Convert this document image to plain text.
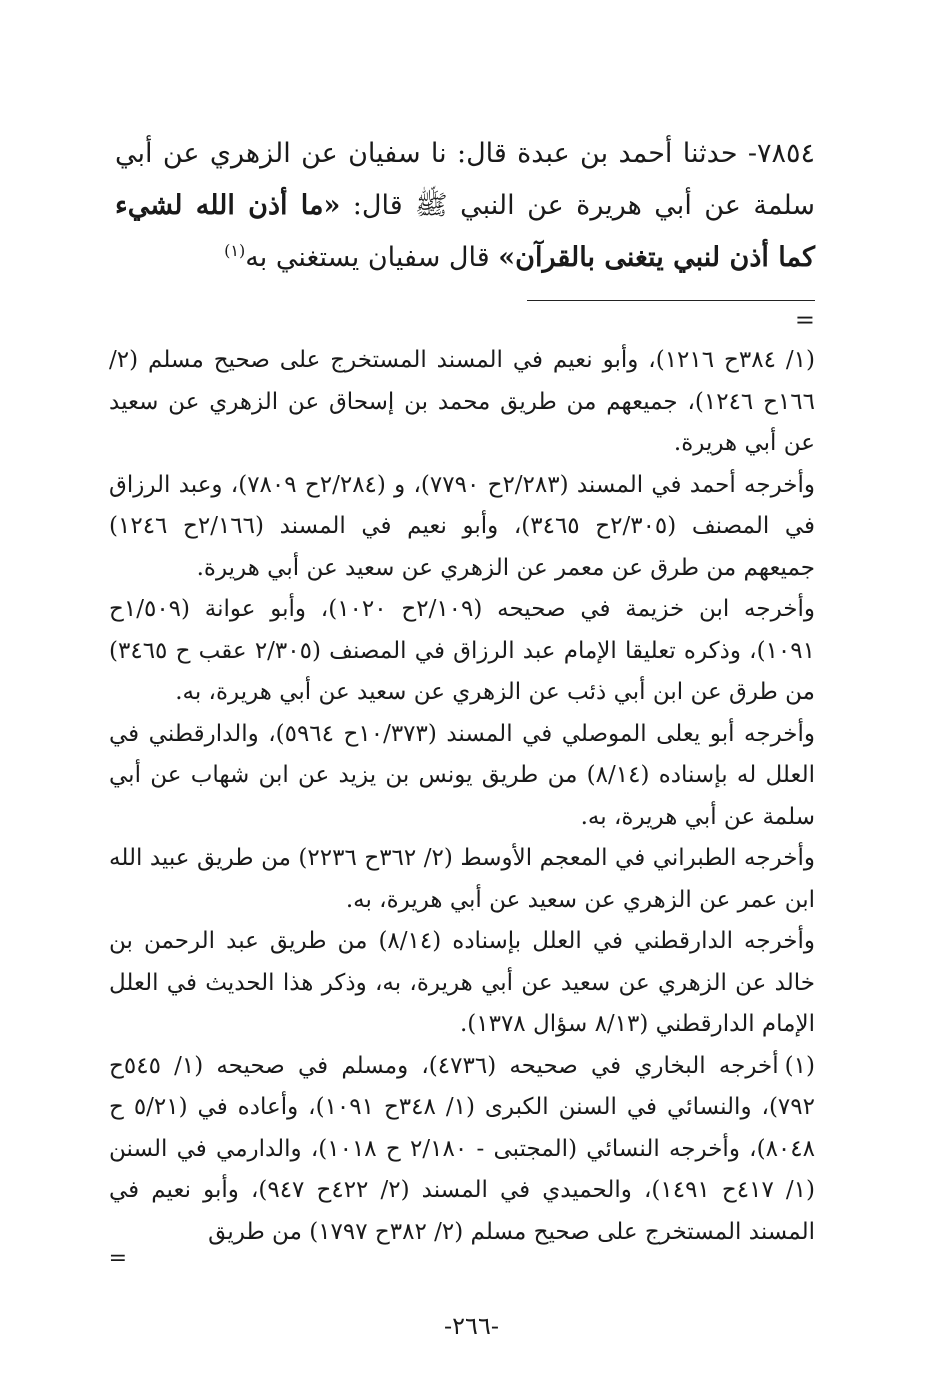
٧٨٥٤- حدثنا أحمد بن عبدة قال: نا سفيان عن الزهري عن أبي سلمة عن أبي هريرة عن النبي ﷺ قال: «ما أذن الله لشيء كما أذن لنبي يتغنى بالقرآن» قال سفيان يستغني به$^{(١)}$
=

(١/ ٣٨٤ح ١٢١٦)، وأبو نعيم في المسند المستخرج على صحيح مسلم (٢/ ١٦٦ح ١٢٤٦)، جميعهم من طريق محمد بن إسحاق عن الزهري عن سعيد عن أبي هريرة.

وأخرجه أحمد في المسند (٢/٢٨٣ح ٧٧٩٠)، و (٢/٢٨٤ح ٧٨٠٩)، وعبد الرزاق في المصنف (٢/٣٠٥ح ٣٤٦٥)، وأبو نعيم في المسند (٢/١٦٦ح ١٢٤٦) جميعهم من طرق عن معمر عن الزهري عن سعيد عن أبي هريرة.

وأخرجه ابن خزيمة في صحيحه (٢/١٠٩ح ١٠٢٠)، وأبو عوانة (١/٥٠٩ح ١٠٩١)، وذكره تعليقا الإمام عبد الرزاق في المصنف (٢/٣٠٥ عقب ح ٣٤٦٥) من طرق عن ابن أبي ذئب عن الزهري عن سعيد عن أبي هريرة، به.

وأخرجه أبو يعلى الموصلي في المسند (١٠/٣٧٣ح ٥٩٦٤)، والدارقطني في العلل له بإسناده (٨/١٤) من طريق يونس بن يزيد عن ابن شهاب عن أبي سلمة عن أبي هريرة، به.

وأخرجه الطبراني في المعجم الأوسط (٢/ ٣٦٢ح ٢٢٣٦) من طريق عبيد الله ابن عمر عن الزهري عن سعيد عن أبي هريرة، به.

وأخرجه الدارقطني في العلل بإسناده (٨/١٤) من طريق عبد الرحمن بن خالد عن الزهري عن سعيد عن أبي هريرة، به، وذكر هذا الحديث في العلل الإمام الدارقطني (٨/١٣ سؤال ١٣٧٨).

(١)أخرجه البخاري في صحيحه (٤٧٣٦)، ومسلم في صحيحه (١/ ٥٤٥ح ٧٩٢)، والنسائي في السنن الكبرى (١/ ٣٤٨ح ١٠٩١)، وأعاده في (٥/٢١ ح ٨٠٤٨)، وأخرجه النسائي (المجتبى - ٢/١٨٠ ح ١٠١٨)، والدارمي في السنن (١/ ٤١٧ح ١٤٩١)، والحميدي في المسند (٢/ ٤٢٢ح ٩٤٧)، وأبو نعيم في المسند المستخرج على صحيح مسلم (٢/ ٣٨٢ح ١٧٩٧) من طريق

=
-٢٦٦-
